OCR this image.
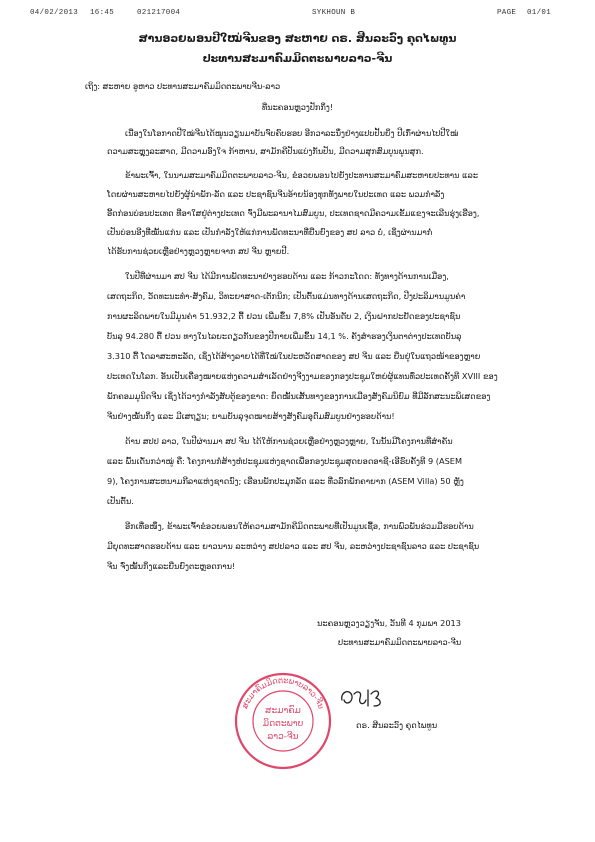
04/02/2013 16:45	021217004	SYKHOUN B	PAGE 01/01
ສານອວຍພອນປີໃໝ່ຈີນຂອງ ສະຫາຍ ດຣ. ສີນລະວົງ ຄຸດໄພທູນ
ປະທານສະມາຄົມມິດຕະພາບລາວ-ຈີນ
ເຖິງ: ສະຫາຍ ອູຫາວ ປະທານສະມາຄົມມິດຕະພາບຈີນ-ລາວ
ທີ່ນະຄອນຫຼວງປັກກິ່ງ!
ເນື່ອງໃນໂອກາດປີໃໝ່ຈີນໄດ້ໝູນວຽນມາບັນຈົບຄົບຮອບ ອີກວາລະນຶ່ງຢ່າງແປບປັ້ນຍິ່ງ ປີເກົ່າຜ່ານໄປປີໃໝ່
ດວາມສະຫຼຸງລະສາດ, ມີດວາມອົງໃຈ ກ້າຫານ, ສາມັກຄີປັນແບ່ງກັນປັນ, ມີດວາມສຸກສົມບູນພູນສຸກ.
ຂ້າພະເຈົ້າ, ໃນນາມສະມາຄົມມິດຕະພາບລາວ-ຈີນ, ຂໍອວຍພອນໄປຍັງປະທານສະມາຄົມສະຫາຍປະທານ ແລະ
ໂດຍຜ່ານສະຫາຍໄປຍັງຜູ້ນຳພັກ-ລັດ ແລະ ປະຊາຊົນຈີນອ້າຍນ້ອງທຸກທັງພາຍໃນປະເທດ ແລະ ພວມກຳລັງ
ອີ້ດກ່ອນບ່ອນປະເທດ ທີ່ອາໃສຢູ່ຕ່າງປະເທດ ຈົ່ງມີພະລານາໄມສົມບູນ, ປະເທດຊາດມີຄວາມເຂັ້ມແຂງຈະເລີນຮຸ່ງເຮືອງ,
ເປັນບ່ອນອີງທີ່ໝັ້ນແກ່ນ ແລະ ເປັນກຳລັງໃຫ້ແກ່ການພັດທະນາທີ່ຍືນຍົງຂອງ ສປ ລາວ ບໍ່, ເຊິ່ງຜ່ານມາກໍ່
ໄດ້ຮັບການຊ່ວຍເຫຼືອຢ່າງຫຼວງຫຼາຍຈາກ ສປ ຈີນ ຫຼາຍປີ.
ໃນປີທີ່ຜ່ານມາ ສປ ຈີນ ໄດ້ມີການພັດທະນາຢ່າງຮອບດ້ານ ແລະ ກ້າວກະໂດດ: ທັງທາງດ້ານການເມືອງ,
ເສດຖະກິດ, ວັດທະນະທຳ-ສັງຄົມ, ວິທະຍາສາດ-ເຕັກນິກ; ເປັນຕົ້ນແມ່ນທາງດ້ານເສດຖະກິດ, ປີງປະລິມານມູນຄ່າ
ການຜະລິດພາຍໃນມີມູນຄ່າ 51.932,2 ຕື້ ຢວນ ເພີ່ມຂຶ້ນ 7,8% ເປັນອັນດັບ 2, ເງິນຝາກປະຢັດຂອງປະຊາຊົນ
ບັນລຸ 94.280 ຕື້ ຢວນ ທາງໃນໄລຍະດຽວກັນຂອງປີກາຍເພີ່ມຂຶ້ນ 14,1 %. ຄັງສຳຮອງເງິນຕາຕ່າງປະເທດບັນລຸ
3.310 ຕື້ ໂດລາສະຫະລັດ, ເຊິ່ງໄດ້ສ້າງລາຍໄດ້ທີ່ໃໝ່ໃນປະຫວັດສາດຂອງ ສປ ຈີນ ແລະ ຍືນຢູ່ໃນແຖວໜ້າຂອງຫຼາຍ
ປະເທດໃນໂລກ. ອັນເປັນເຄື່ອງໝາຍແຫ່ງຄວາມສຳເລັດຢ່າງຈີງງາມຂອງກອງປະຊຸມໃຫຍ່ຜູ້ແທນທົ່ວປະເທດຄັ້ງທີ XVIII ຂອງ
ພັກຄອມມູນິດຈີນ ເຊິ່ງໄດ້ວາງກໍາລັງສັບຕູ້ຂອງຂາດ: ຍຶດໝັ້ນເສັ້ນທາງຂອງການເມືອງສັງຄົມນິຍົມ ທີ່ມີລັກສະນະພິເສດຂອງ
ຈີນຢ່າງໝັ້ນກິ່ງ ແລະ ມີເສຖຽນ; ຍາມບັນລຸຈຸດໝາຍສ້າງສັງຄົມອຸດົມສົມບູນຢ່າງຮອບດ້ານ!
ດ້ານ ສປປ ລາວ, ໃນປີຜ່ານມາ ສປ ຈີນ ໄດ້ໃຫ້ການຊ່ວຍເຫຼືອຢ່າງຫຼວງຫຼາຍ, ໃນນັ້ນມີໂຄງການທີ່ສຳຄັນ
ແລະ ພົ້ນເດັ່ນກວ່າໝູ່ ຄື: ໂຄງການກໍ່ສ້າງຫໍປະຊຸມແຫ່ງຊາດເພື່ອກອງປະຊຸມສຸດຍອດອາຊີ-ເອີຣົບຄັ້ງທີ 9 (ASEM
9), ໂຄງການສະຫນາມກີລາແຫ່ງຊາດນົງ; ເຮືອນພັກປະມຸກລັດ ແລະ ທີ່ວລົກພັກຄາຍາກ (ASEM Villa) 50 ຫຼັງ
ເປັນຕົ້ນ.
ອີກເທື່ອໜຶ່ງ, ຂ້າພະເຈົ້າຂໍອວຍພອນໃຫ້ຄວາມສາມັກຄີມິດຕະພາບທີ່ເປັນມູນເຊື້ອ, ການພົວພັນຮ່ວມມືຮອບດ້ານ
ມີຍຸດທະສາດຮອບດ້ານ ແລະ ຍາວນານ ລະຫວ່າງ ສປປລາວ ແລະ ສປ ຈີນ, ລະຫວ່າງປະຊາຊົນລາວ ແລະ ປະຊາຊົນ
ຈີນ ຈົ່ງໝັ້ນກິ່ງແລະຍືນຍົງຕະຫຼອດການ!
ນະຄອນຫຼວງວຽງຈັນ, ວັນທີ 4 ກຸມພາ 2013
ປະທານສະມາຄົມມິດຕະພາບລາວ-ຈີນ
ສະມາຄົມມິດຕະພາບລາວ-ຈີນ
ສະມາຄົມ
ມິດຕະພາບ
ລາວ-ຈີນ
ດຣ. ສີນລະວົງ ຄຸດໄພທູນ
